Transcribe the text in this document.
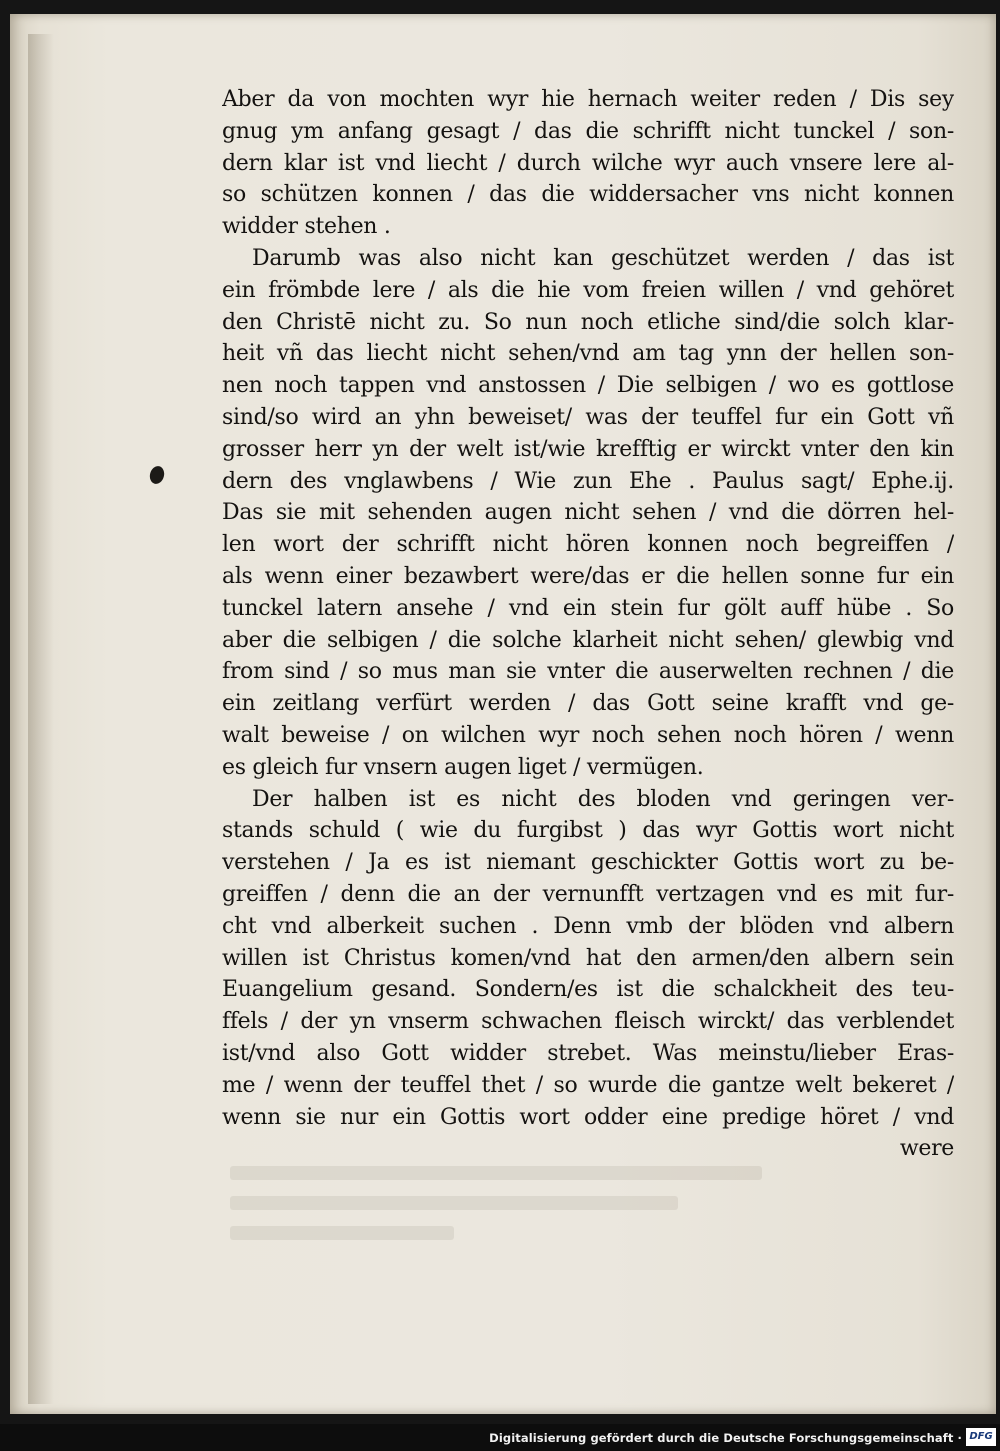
Aber da von mochten wyr hie hernach weiter reden / Dis sey
gnug ym anfang gesagt / das die schrifft nicht tunckel / son-
dern klar ist vnd liecht / durch wilche wyr auch vnsere lere al-
so schützen konnen / das die widdersacher vns nicht konnen
widder stehen .
Darumb was also nicht kan geschützet werden / das ist
ein frömbde lere / als die hie vom freien willen / vnd gehöret
den Christē nicht zu. So nun noch etliche sind/die solch klar-
heit vñ das liecht nicht sehen/vnd am tag ynn der hellen son-
nen noch tappen vnd anstossen / Die selbigen / wo es gottlose
sind/so wird an yhn beweiset/ was der teuffel fur ein Gott vñ
grosser herr yn der welt ist/wie krefftig er wirckt vnter den kin
dern des vnglawbens / Wie zun Ehe . Paulus sagt/ Ephe.ij.
Das sie mit sehenden augen nicht sehen / vnd die dörren hel-
len wort der schrifft nicht hören konnen noch begreiffen /
als wenn einer bezawbert were/das er die hellen sonne fur ein
tunckel latern ansehe / vnd ein stein fur gölt auff hübe . So
aber die selbigen / die solche klarheit nicht sehen/ glewbig vnd
from sind / so mus man sie vnter die auserwelten rechnen / die
ein zeitlang verfürt werden / das Gott seine krafft vnd ge-
walt beweise / on wilchen wyr noch sehen noch hören / wenn
es gleich fur vnsern augen liget / vermügen.
Der halben ist es nicht des bloden vnd geringen ver-
stands schuld ( wie du furgibst ) das wyr Gottis wort nicht
verstehen / Ja es ist niemant geschickter Gottis wort zu be-
greiffen / denn die an der vernunfft vertzagen vnd es mit fur-
cht vnd alberkeit suchen . Denn vmb der blöden vnd albern
willen ist Christus komen/vnd hat den armen/den albern sein
Euangelium gesand. Sondern/es ist die schalckheit des teu-
ffels / der yn vnserm schwachen fleisch wirckt/ das verblendet
ist/vnd also Gott widder strebet. Was meinstu/lieber Eras-
me / wenn der teuffel thet / so wurde die gantze welt bekeret /
wenn sie nur ein Gottis wort odder eine predige höret / vnd
were
Digitalisierung gefördert durch die Deutsche Forschungsgemeinschaft · DFG
